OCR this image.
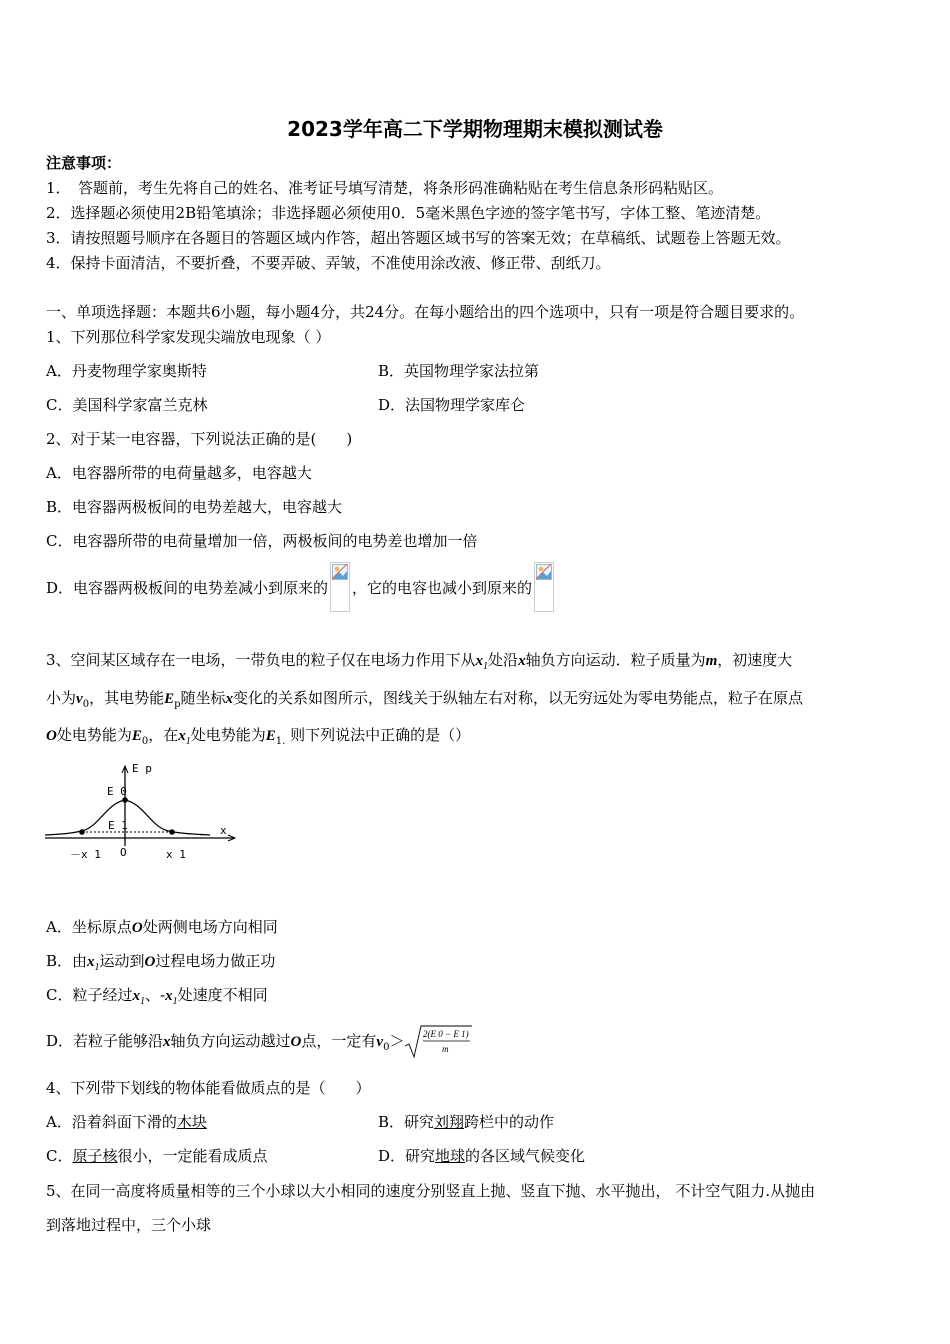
2023学年高二下学期物理期末模拟测试卷
注意事项：
1．　答题前，考生先将自己的姓名、准考证号填写清楚，将条形码准确粘贴在考生信息条形码粘贴区。
2．选择题必须使用2B铅笔填涂；非选择题必须使用0．5毫米黑色字迹的签字笔书写，字体工整、笔迹清楚。
3．请按照题号顺序在各题目的答题区域内作答，超出答题区域书写的答案无效；在草稿纸、试题卷上答题无效。
4．保持卡面清洁，不要折叠，不要弄破、弄皱，不准使用涂改液、修正带、刮纸刀。
一、单项选择题：本题共6小题，每小题4分，共24分。在每小题给出的四个选项中，只有一项是符合题目要求的。
1、下列那位科学家发现尖端放电现象（ ）
A．丹麦物理学家奥斯特	B．英国物理学家法拉第
C．美国科学家富兰克林	D．法国物理学家库仑
2、对于某一电容器，下列说法正确的是(　　)
A．电容器所带的电荷量越多，电容越大
B．电容器两极板间的电势差越大，电容越大
C．电容器所带的电荷量增加一倍，两极板间的电势差也增加一倍
D．电容器两极板间的电势差减小到原来的 ，它的电容也减小到原来的
3、空间某区域存在一电场，一带负电的粒子仅在电场力作用下从$x_1$处沿x轴负方向运动．粒子质量为m，初速度大
小为$v_0$，其电势能$E_p$随坐标x变化的关系如图所示，图线关于纵轴左右对称，以无穷远处为零电势能点，粒子在原点
O处电势能为$E_0$，在$x_1$处电势能为$E_{1.}$ 则下列说法中正确的是（）
E p
x
E 0
E 1
－x 1 O	x 1
A．坐标原点O处两侧电场方向相同
B．由$x_1$运动到O过程电场力做正功
C．粒子经过$x_1$、$-x_1$处速度不相同
D．若粒子能够沿x轴负方向运动越过O点，一定有$v_0> 2(E$ 0 − E 1)
m
4、下列带下划线的物体能看做质点的是（　　）
A．沿着斜面下滑的木块	B．研究刘翔跨栏中的动作
C．原子核很小，一定能看成质点	D．研究地球的各区域气候变化
5、在同一高度将质量相等的三个小球以大小相同的速度分别竖直上抛、竖直下抛、水平抛出， 不计空气阻力.从抛由
到落地过程中，三个小球
